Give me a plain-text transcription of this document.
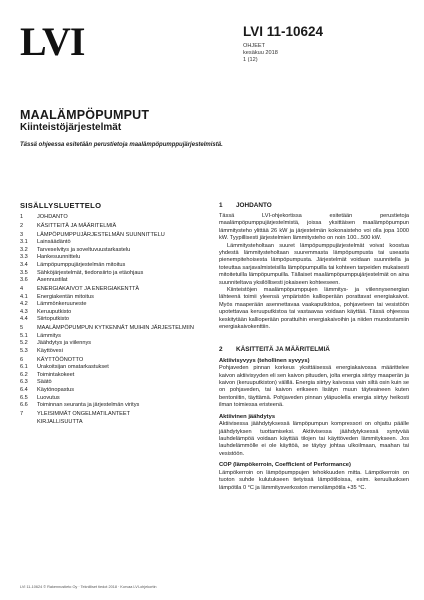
LVI	LVI 11-10624
OHJEET
kesäkuu 2018
1 (12)
MAALÄMPÖPUMPUT
Kiinteistöjärjestelmät
Tässä ohjeessa esitetään perustietoja maalämpöpumppujärjestelmistä.
SISÄLLYSLUETTELO
1	JOHDANTO
2	KÄSITTEITÄ JA MÄÄRITELMIÄ
3	LÄMPÖPUMPPUJÄRJESTELMÄN SUUNNITTELU
3.1	Lainsäädäntö
3.2	Tarveselvitys ja soveltuvuustarkastelu
3.3	Hankesuunnittelu
3.4	Lämpöpumppujärjestelmän mitoitus
3.5	Sähköjärjestelmät, tiedonsiirto ja etäohjaus
3.6	Asennustilat
4	ENERGIAKAIVOT JA ENERGIAKENTTÄ
4.1	Energiakentän mitoitus
4.2	Lämmönkeruuneste
4.3	Keruuputkisto
4.4	Siirtoputkisto
5	MAALÄMPÖPUMPUN KYTKENNÄT MUIHIN JÄRJESTELMIIN
5.1	Lämmitys
5.2	Jäähdytys ja viilennys
5.3	Käyttövesi
6	KÄYTTÖÖNOTTO
6.1	Urakoitsijan omatarkastukset
6.2	Toimintakokeet
6.3	Säätö
6.4	Käytönopastus
6.5	Luovutus
6.6	Toiminnan seuranta ja järjestelmän viritys
7	YLEISIMMÄT ONGELMATILANTEET
KIRJALLISUUTTA
1	JOHDANTO

Tässä LVI-ohjekortissa esitetään perustietoja maalämpöpumppujärjestelmistä, joissa yksittäisen maalämpöpumpun lämmitysteho ylittää 26 kW ja järjestelmän kokonaisteho voi olla jopa 1000 kW. Tyypillisesti järjestelmien lämmitysteho on noin 100...500 kW.

Lämmitysteholtaan suuret lämpöpumppujärjestelmät voivat koostua yhdestä lämmitysteholtaan suuremmasta lämpöpumpusta tai useasta pienempitehoisesta lämpöpumpusta. Järjestelmät voidaan suunnitella ja toteuttaa sarjavalmisteisilla lämpöpumpuilla tai kohteen tarpeiden mukaisesti mitoitetuilla lämpöpumpuilla. Tällaiset maalämpöpumppujärjestelmät on aina suunniteltava yksilöllisesti jokaiseen kohteeseen.

Kiinteistöjen maalämpöpumppujen lämmitys- ja viilennysenergian lähteenä toimii yleensä ympäristön kallioperään porattavat energiakaivot. Myös maaperään asennettavaa vaakaputkistoa, pohjaveteen tai vesistöön upotettavaa keruuputkistoa tai vastaavaa voidaan käyttää. Tässä ohjeessa keskitytään kallioperään porattuihin energiakaivoihin ja niiden muodostamiin energiakaivokenttiin.

2	KÄSITTEITÄ JA MÄÄRITELMIÄ
Aktiivisyvyys (tehollinen syvyys)

Pohjaveden pinnan korkeus yksittäisessä energiakaivossa määrittelee kaivon aktiivisyyden eli sen kaivon pituuden, jolta energia siirtyy maaperän ja kaivon (keruuputkiston) välillä. Energia siirtyy kaivossa vain siltä osin kuin se on pohjaveden, tai kaivon erikseen lisätyn muun täyteaineen kuten bentoniitin, täyttämä. Pohjaveden pinnan yläpuolella energia siirtyy heikosti ilman toimiessa eristeenä.

Aktiivinen jäähdytys

Aktiivisessa jäähdytyksessä lämpöpumpun kompressori on ohjattu päälle jäähdytyksen tuottamiseksi. Aktiivisessa jäähdytyksessä syntyvää lauhdelämpöä voidaan käyttää tilojen tai käyttöveden lämmitykseen. Jos lauhdelämmölle ei ole käyttöä, se täytyy johtaa ulkoilmaan, maahan tai vesistöön.

COP (lämpökerroin, Coefficient of Performance)

Lämpökerroin on lämpöpumppujen tehokkuuden mitta. Lämpökerroin on tuoton suhde kulutukseen tietyissä lämpötiloissa, esim. keruuliuoksen lämpötila 0 °C ja lämmitysverkoston menolämpötila +35 °C.

LVI 11-10624 © Rakennustieto Oy · Teknilliset tiedot 2018 · Korvaa LVI-ohjekortin
